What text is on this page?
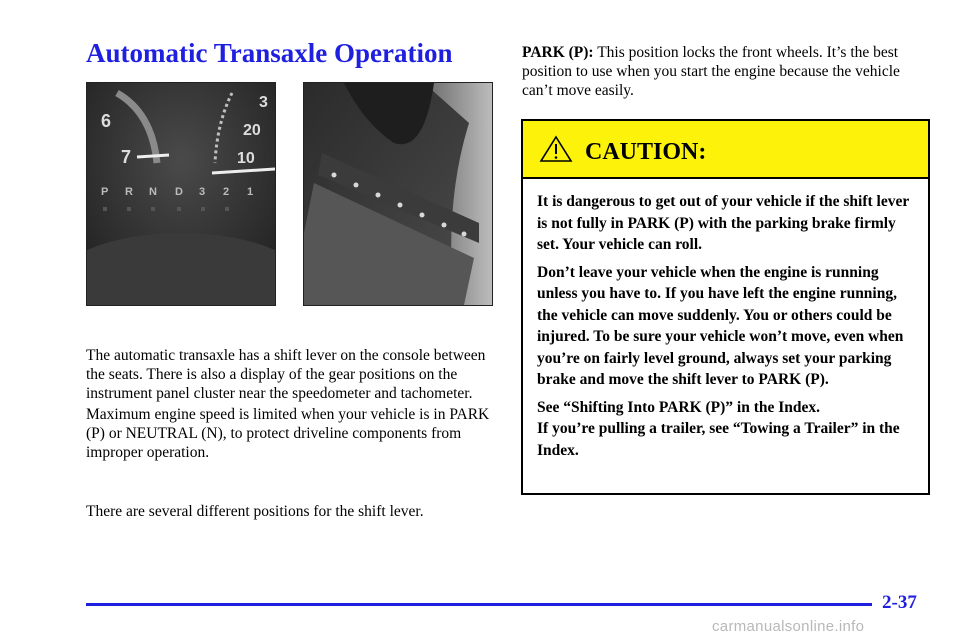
Automatic Transaxle Operation
6
7
3
20
10
P R N D 3 2 1

The automatic transaxle has a shift lever on the console between the seats. There is also a display of the gear positions on the instrument panel cluster near the speedometer and tachometer.

Maximum engine speed is limited when your vehicle is in PARK (P) or NEUTRAL (N), to protect driveline components from improper operation.

There are several different positions for the shift lever.

PARK (P): This position locks the front wheels. It’s the best position to use when you start the engine because the vehicle can’t move easily.

CAUTION:

It is dangerous to get out of your vehicle if the shift lever is not fully in PARK (P) with the parking brake firmly set. Your vehicle can roll.

Don’t leave your vehicle when the engine is running unless you have to. If you have left the engine running, the vehicle can move suddenly. You or others could be injured. To be sure your vehicle won’t move, even when you’re on fairly level ground, always set your parking brake and move the shift lever to PARK (P).

See “Shifting Into PARK (P)” in the Index.

If you’re pulling a trailer, see “Towing a Trailer” in the Index.

2-37
carmanualsonline.info
